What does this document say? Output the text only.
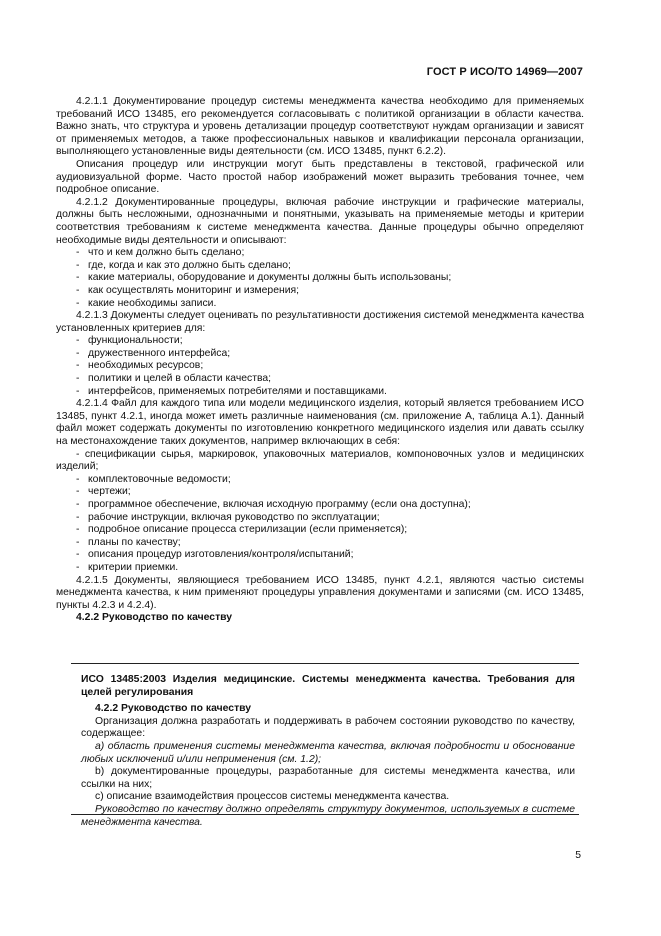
ГОСТ Р ИСО/ТО 14969—2007

4.2.1.1 Документирование процедур системы менеджмента качества необходимо для применяемых требований ИСО 13485, его рекомендуется согласовывать с политикой организации в области качества. Важно знать, что структура и уровень детализации процедур соответствуют нуждам организации и зависят от применяемых методов, а также профессиональных навыков и квалификации персонала организации, выполняющего установленные виды деятельности (см. ИСО 13485, пункт 6.2.2).

Описания процедур или инструкции могут быть представлены в текстовой, графической или аудиовизуальной форме. Часто простой набор изображений может выразить требования точнее, чем подробное описание.

4.2.1.2 Документированные процедуры, включая рабочие инструкции и графические материалы, должны быть несложными, однозначными и понятными, указывать на применяемые методы и критерии соответствия требованиям к системе менеджмента качества. Данные процедуры обычно определяют необходимые виды деятельности и описывают:

- что и кем должно быть сделано;

- где, когда и как это должно быть сделано;

- какие материалы, оборудование и документы должны быть использованы;

- как осуществлять мониторинг и измерения;

- какие необходимы записи.

4.2.1.3 Документы следует оценивать по результативности достижения системой менеджмента качества установленных критериев для:

- функциональности;

- дружественного интерфейса;

- необходимых ресурсов;

- политики и целей в области качества;

- интерфейсов, применяемых потребителями и поставщиками.

4.2.1.4 Файл для каждого типа или модели медицинского изделия, который является требованием ИСО 13485, пункт 4.2.1, иногда может иметь различные наименования (см. приложение А, таблица А.1). Данный файл может содержать документы по изготовлению конкретного медицинского изделия или давать ссылку на местонахождение таких документов, например включающих в себя:

- спецификации сырья, маркировок, упаковочных материалов, компоновочных узлов и медицинских изделий;

- комплектовочные ведомости;

- чертежи;

- программное обеспечение, включая исходную программу (если она доступна);

- рабочие инструкции, включая руководство по эксплуатации;

- подробное описание процесса стерилизации (если применяется);

- планы по качеству;

- описания процедур изготовления/контроля/испытаний;

- критерии приемки.

4.2.1.5 Документы, являющиеся требованием ИСО 13485, пункт 4.2.1, являются частью системы менеджмента качества, к ним применяют процедуры управления документами и записями (см. ИСО 13485, пункты 4.2.3 и 4.2.4).

4.2.2 Руководство по качеству

ИСО 13485:2003 Изделия медицинские. Системы менеджмента качества. Требования для целей регулирования

4.2.2 Руководство по качеству

Организация должна разработать и поддерживать в рабочем состоянии руководство по качеству, содержащее:

а) область применения системы менеджмента качества, включая подробности и обоснование любых исключений и/или неприменения (см. 1.2);

b) документированные процедуры, разработанные для системы менеджмента качества, или ссылки на них;

c) описание взаимодействия процессов системы менеджмента качества.

Руководство по качеству должно определять структуру документов, используемых в системе менеджмента качества.

5
